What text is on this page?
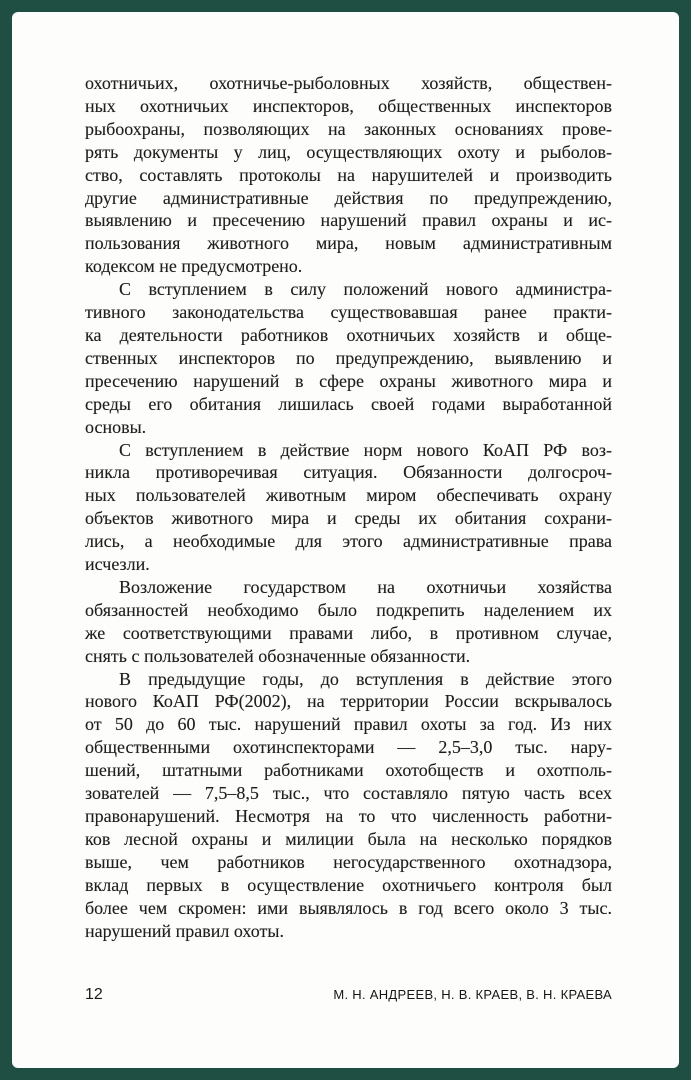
охотничьих, охотничье-рыболовных хозяйств, обществен-
ных охотничьих инспекторов, общественных инспекторов
рыбоохраны, позволяющих на законных основаниях прове-
рять документы у лиц, осуществляющих охоту и рыболов-
ство, составлять протоколы на нарушителей и производить
другие административные действия по предупреждению,
выявлению и пресечению нарушений правил охраны и ис-
пользования животного мира, новым административным
кодексом не предусмотрено.
С вступлением в силу положений нового администра-
тивного законодательства существовавшая ранее практи-
ка деятельности работников охотничьих хозяйств и обще-
ственных инспекторов по предупреждению, выявлению и
пресечению нарушений в сфере охраны животного мира и
среды его обитания лишилась своей годами выработанной
основы.
С вступлением в действие норм нового КоАП РФ воз-
никла противоречивая ситуация. Обязанности долгосроч-
ных пользователей животным миром обеспечивать охрану
объектов животного мира и среды их обитания сохрани-
лись, а необходимые для этого административные права
исчезли.
Возложение государством на охотничьи хозяйства
обязанностей необходимо было подкрепить наделением их
же соответствующими правами либо, в противном случае,
снять с пользователей обозначенные обязанности.
В предыдущие годы, до вступления в действие этого
нового КоАП РФ(2002), на территории России вскрывалось
от 50 до 60 тыс. нарушений правил охоты за год. Из них
общественными охотинспекторами — 2,5–3,0 тыс. нару-
шений, штатными работниками охотобществ и охотполь-
зователей — 7,5–8,5 тыс., что составляло пятую часть всех
правонарушений. Несмотря на то что численность работни-
ков лесной охраны и милиции была на несколько порядков
выше, чем работников негосударственного охотнадзора,
вклад первых в осуществление охотничьего контроля был
более чем скромен: ими выявлялось в год всего около 3 тыс.
нарушений правил охоты.
12	М. Н. АНДРЕЕВ, Н. В. КРАЕВ, В. Н. КРАЕВА
